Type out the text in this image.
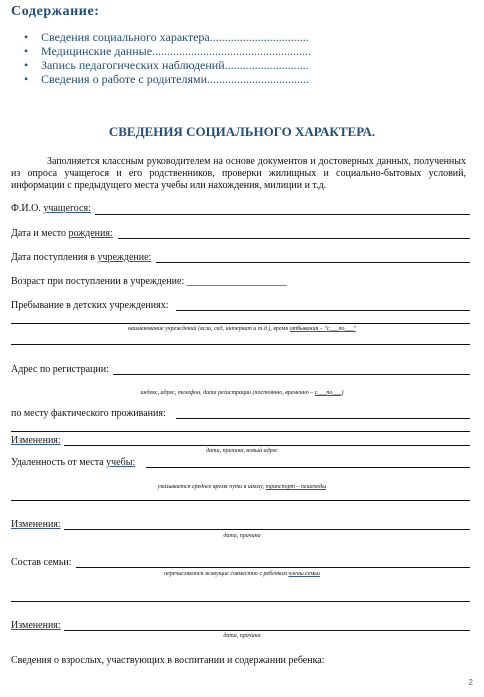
Содержание:
• Сведения социального характера.................................
• Медицинские данные.....................................................
• Запись педагогических наблюдений............................
• Сведения о работе с родителями..................................
СВЕДЕНИЯ СОЦИАЛЬНОГО ХАРАКТЕРА.
Заполняется классным руководителем на основе документов и достоверных данных, полученных из опроса учащегося и его родственников, проверки жилищных и социально-бытовых условий, информации с предыдущего места учебы или нахождения, милиции и т.д.
Ф.И.О. учащегося:
Дата и место рождения:
Дата поступления в учреждение:
Возраст при поступлении в учреждение: ____________________
Пребывание в детских учреждениях:
наименование учреждений (ясли, сад, интернат и т.д.), время отбывания – "с___по___"
Адрес по регистрации:
индекс, адрес, телефон, дата регистрации (постоянно, временно – с___по___)
по месту фактического проживания:
Изменения:
дата, причина, новый адрес
Удаленность от места учебы:
указывается среднее время пути в школу, транспорт – пешеходы
Изменения:
дата, причина
Состав семьи:
перечисляются живущие совместно с ребенком члены семьи
Изменения:
дата, причина
Сведения о взрослых, участвующих в воспитании и содержании ребенка:
2
